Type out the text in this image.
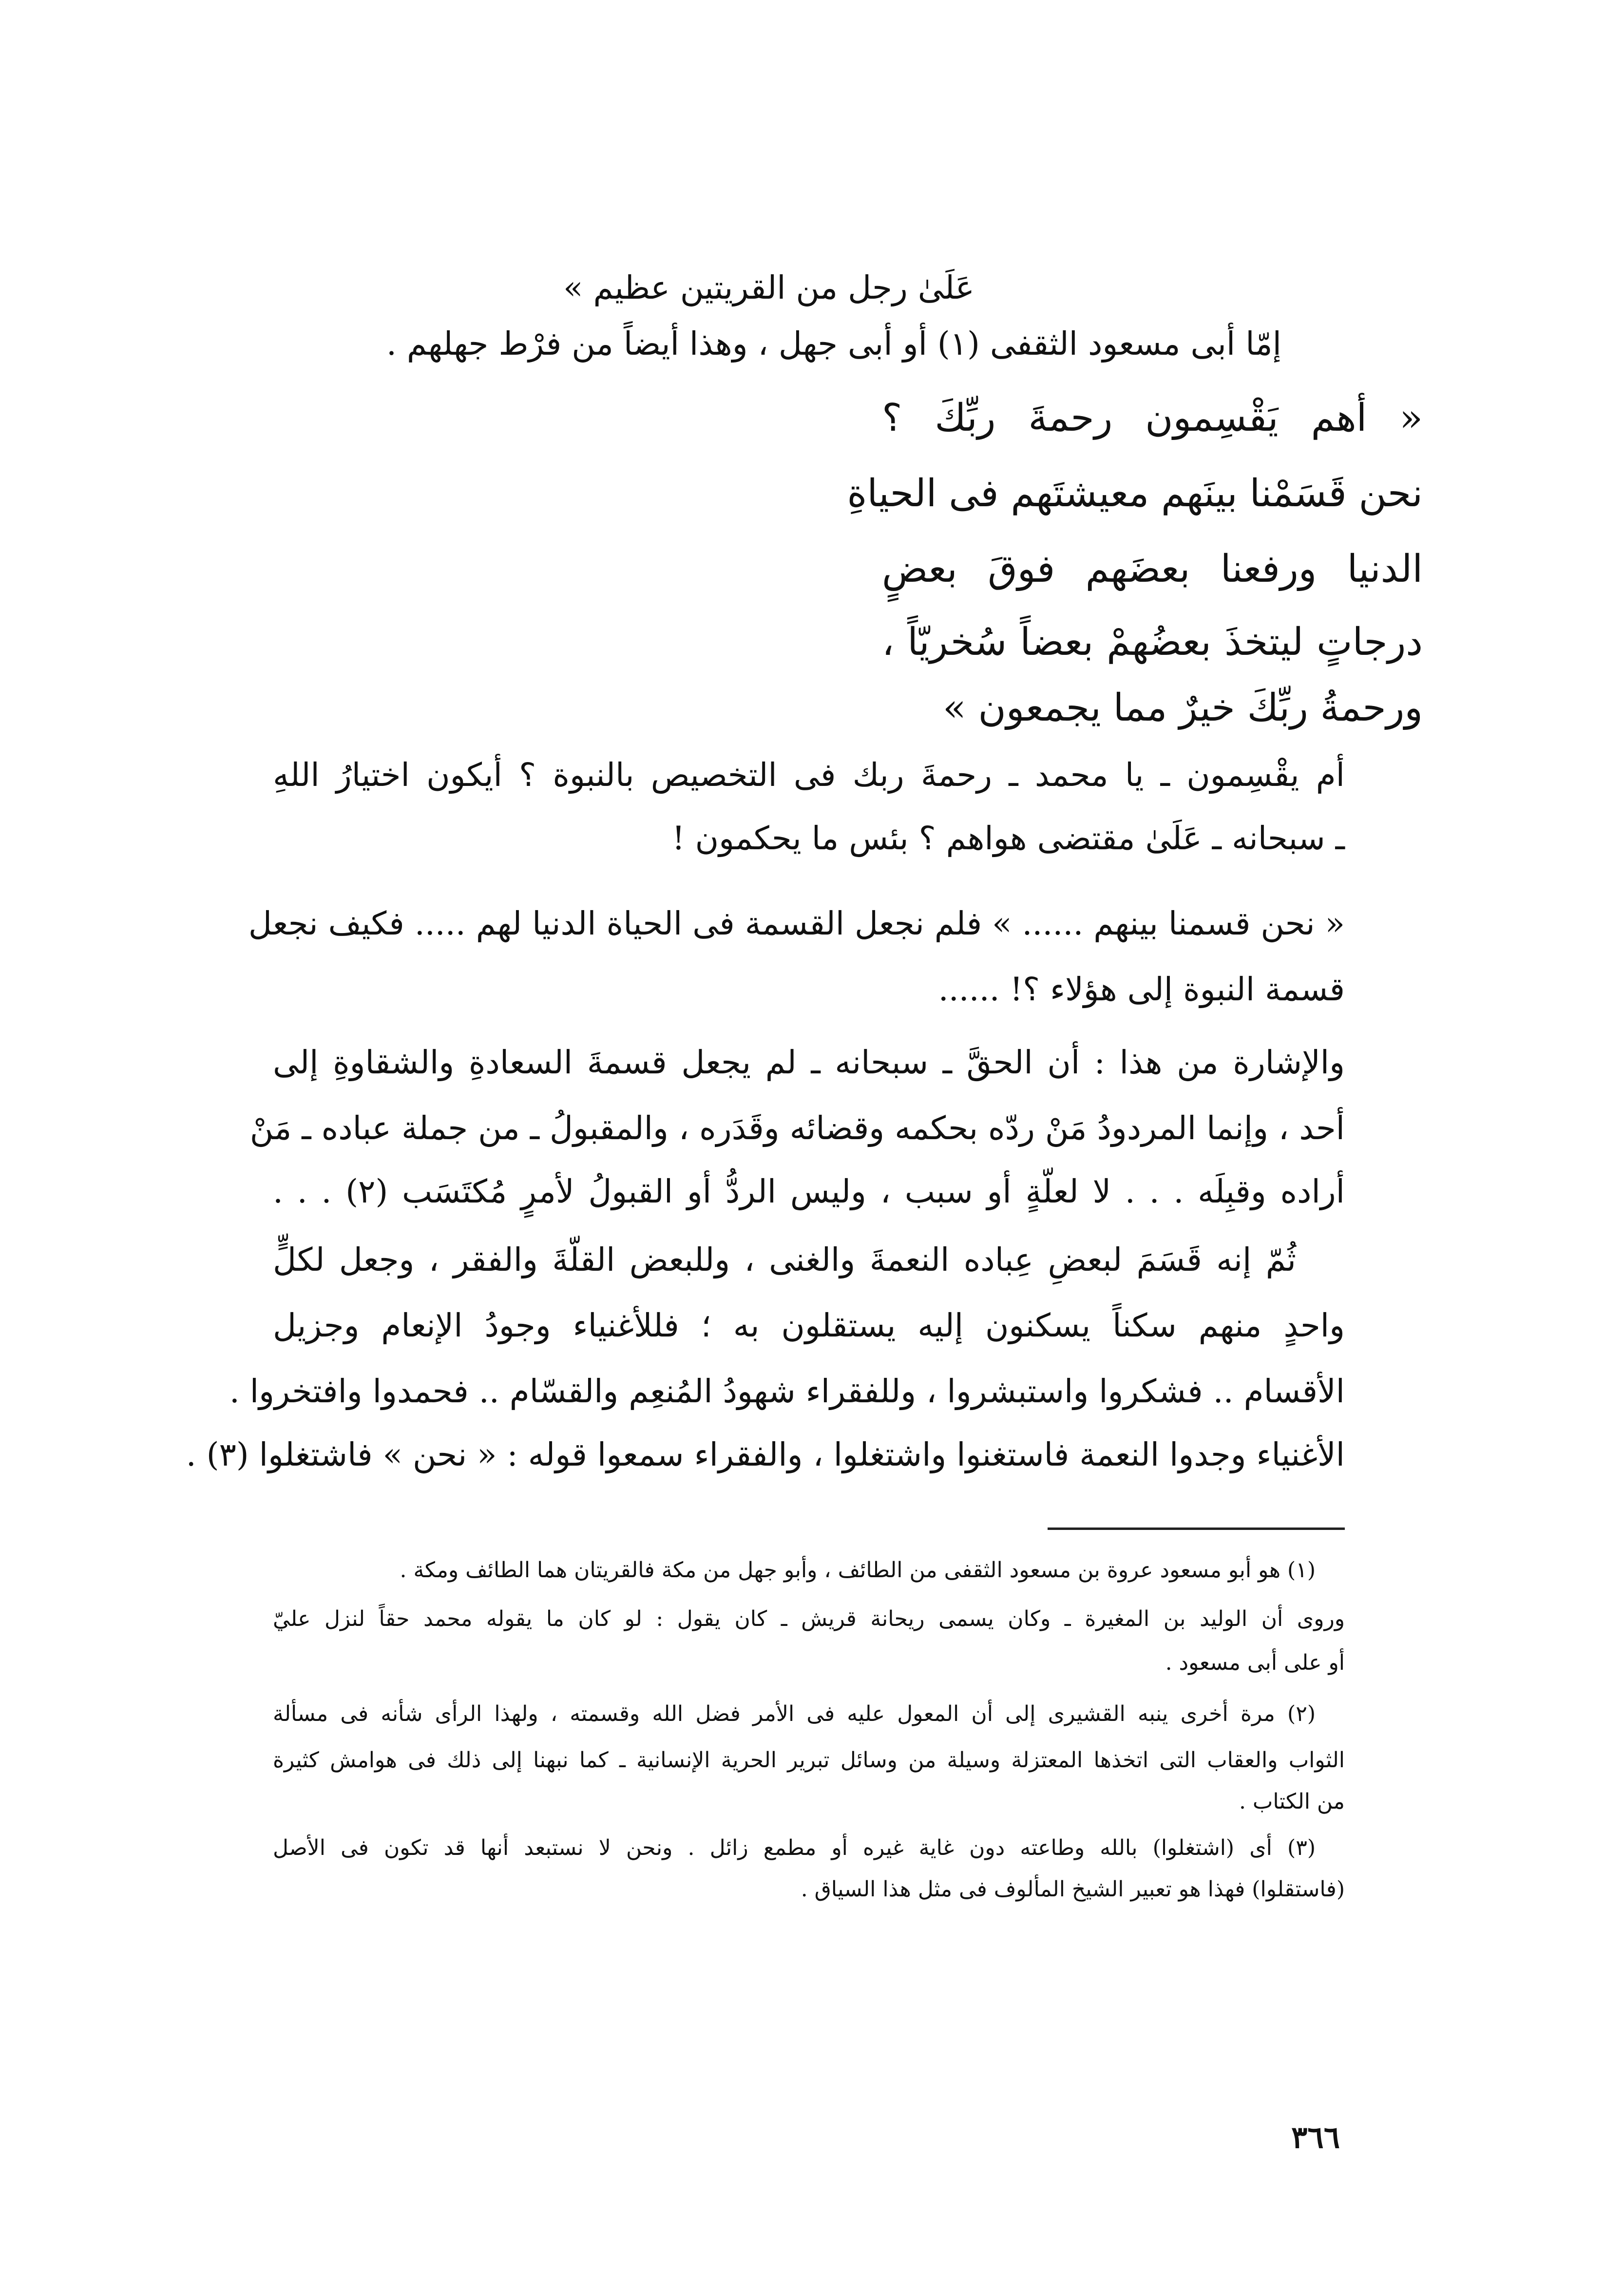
عَلَىٰ رجل من القريتين عظيم »
إمّا أبى مسعود الثقفى (١) أو أبى جهل ، وهذا أيضاً من فرْط جهلهم .
« أهم يَقْسِمون رحمةَ ربِّكَ ؟
نحن قَسَمْنا بينَهم معيشتَهم فى الحياةِ
الدنيا ورفعنا بعضَهم فوقَ بعضٍ
درجاتٍ ليتخذَ بعضُهمْ بعضاً سُخريّاً ،
ورحمةُ ربِّكَ خيرٌ مما يجمعون »
أم يقْسِمون ـ يا محمد ـ رحمةَ ربك فى التخصيص بالنبوة ؟ أيكون اختيارُ اللهِ
ـ سبحانه ـ عَلَىٰ مقتضى هواهم ؟ بئس ما يحكمون !
« نحن قسمنا بينهم ...... » فلم نجعل القسمة فى الحياة الدنيا لهم ..... فكيف نجعل
قسمة النبوة إلى هؤلاء ؟! ......
والإشارة من هذا : أن الحقَّ ـ سبحانه ـ لم يجعل قسمةَ السعادةِ والشقاوةِ إلى
أحد ، وإنما المردودُ مَنْ ردّه بحكمه وقضائه وقَدَره ، والمقبولُ ـ من جملة عباده ـ مَنْ
أراده وقبِلَه . . . لا لعلّةٍ أو سبب ، وليس الردُّ أو القبولُ لأمرٍ مُكتَسَب (٢) . . .
ثُمّ إنه قَسَمَ لبعضِ عِباده النعمةَ والغنى ، وللبعض القلّةَ والفقر ، وجعل لكلٍّ
واحدٍ منهم سكناً يسكنون إليه يستقلون به ؛ فللأغنياء وجودُ الإنعام وجزيل
الأقسام .. فشكروا واستبشروا ، وللفقراء شهودُ المُنعِم والقسّام .. فحمدوا وافتخروا .
الأغنياء وجدوا النعمة فاستغنوا واشتغلوا ، والفقراء سمعوا قوله : « نحن » فاشتغلوا (٣) .
(١) هو أبو مسعود عروة بن مسعود الثقفى من الطائف ، وأبو جهل من مكة فالقريتان هما الطائف ومكة .
وروى أن الوليد بن المغيرة ـ وكان يسمى ريحانة قريش ـ كان يقول : لو كان ما يقوله محمد حقاً لنزل عليّ
أو على أبى مسعود .
(٢) مرة أخرى ينبه القشيرى إلى أن المعول عليه فى الأمر فضل الله وقسمته ، ولهذا الرأى شأنه فى مسألة
الثواب والعقاب التى اتخذها المعتزلة وسيلة من وسائل تبرير الحرية الإنسانية ـ كما نبهنا إلى ذلك فى هوامش كثيرة
من الكتاب .
(٣) أى (اشتغلوا) بالله وطاعته دون غاية غيره أو مطمع زائل . ونحن لا نستبعد أنها قد تكون فى الأصل
(فاستقلوا) فهذا هو تعبير الشيخ المألوف فى مثل هذا السياق .
٣٦٦
